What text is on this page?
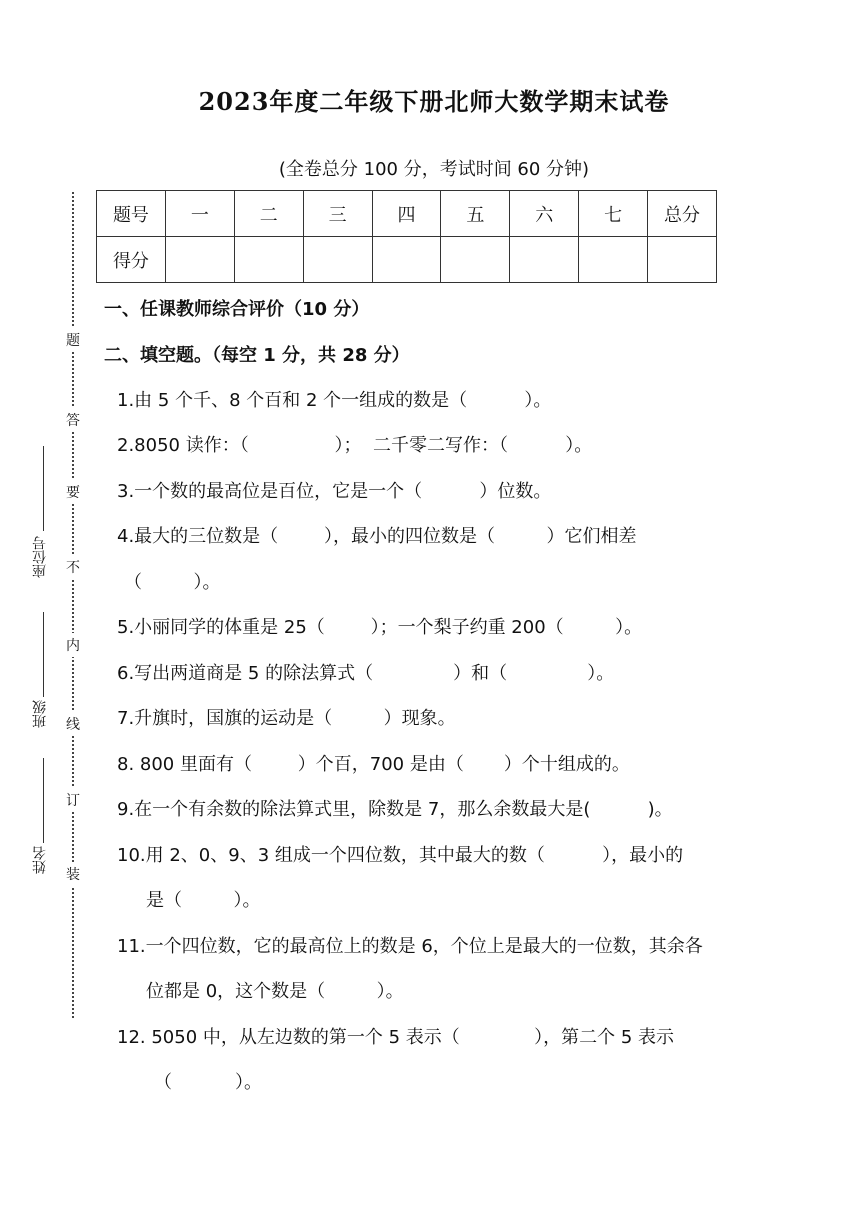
2023年度二年级下册北师大数学期末试卷
(全卷总分 100 分，考试时间 60 分钟)
题号	一	二	三	四	五	六	七	总分
得分								
题
答
要
不
内
线
订
装
座位号
班级
姓名
一、任课教师综合评价（10 分）
二、填空题。（每空 1 分，共 28 分）
1.由 5 个千、8 个百和 2 个一组成的数是（          ）。
2.8050 读作：（               ）；  二千零二写作：（          ）。
3.一个数的最高位是百位，它是一个（          ）位数。
4.最大的三位数是（        ），最小的四位数是（         ）它们相差
（         ）。
5.小丽同学的体重是 25（        ）；一个梨子约重 200（         ）。
6.写出两道商是 5 的除法算式（              ）和（              ）。
7.升旗时，国旗的运动是（         ）现象。
8. 800 里面有（        ）个百，700 是由（       ）个十组成的。
9.在一个有余数的除法算式里，除数是 7，那么余数最大是(          )。
10.用 2、0、9、3 组成一个四位数，其中最大的数（          ），最小的
是（         ）。
11.一个四位数，它的最高位上的数是 6，个位上是最大的一位数，其余各
位都是 0，这个数是（         ）。
12. 5050 中，从左边数的第一个 5 表示（             ），第二个 5 表示
（           ）。
